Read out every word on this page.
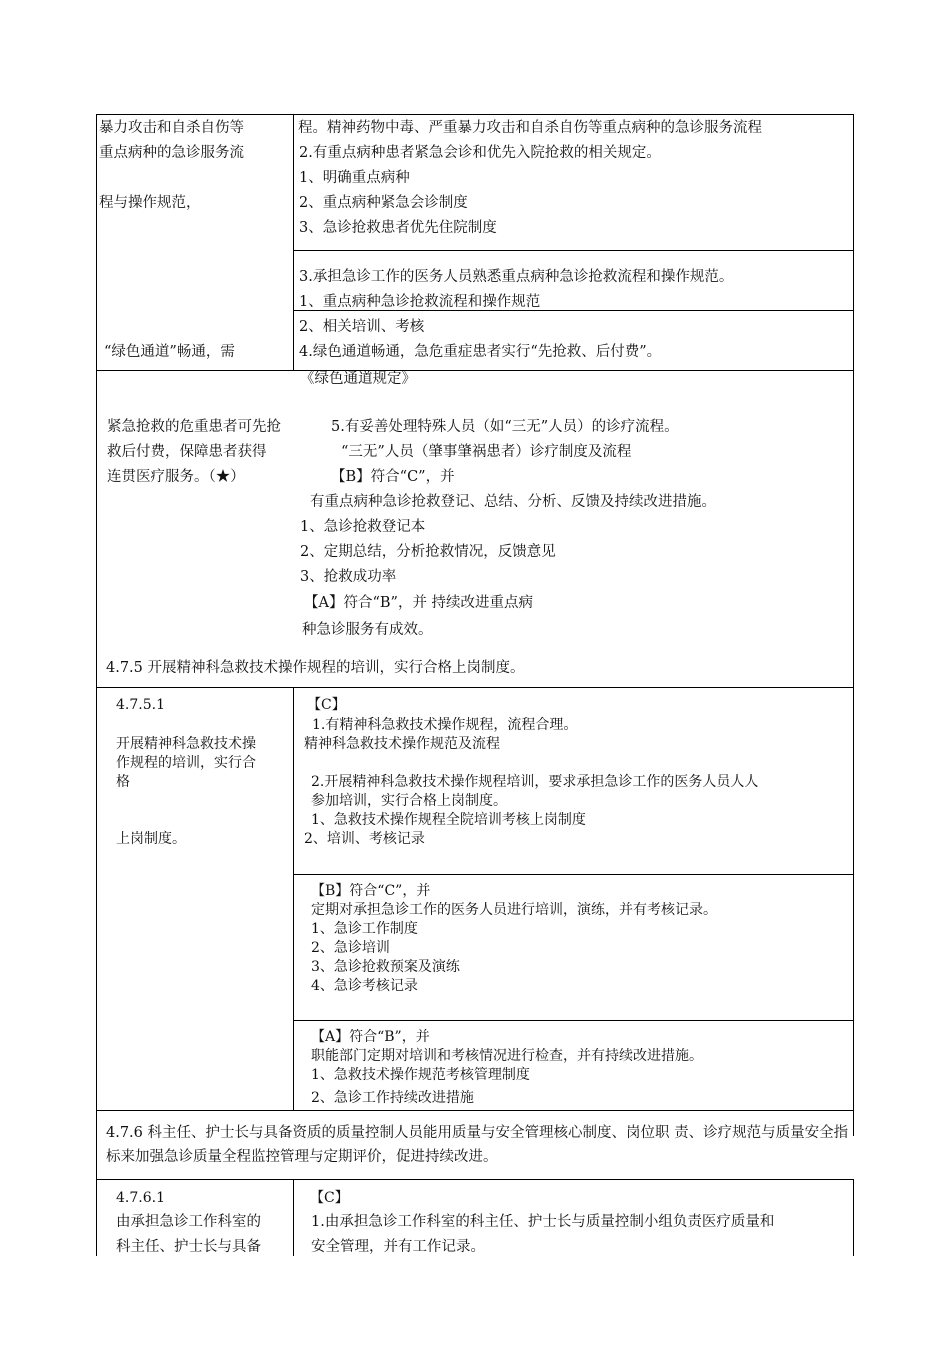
暴力攻击和自杀自伤等
重点病种的急诊服务流
程与操作规范，
“绿色通道”畅通，需
紧急抢救的危重患者可先抢
救后付费，保障患者获得
连贯医疗服务。（★）
程。精神药物中毒、严重暴力攻击和自杀自伤等重点病种的急诊服务流程
2.有重点病种患者紧急会诊和优先入院抢救的相关规定。
1、明确重点病种
2、重点病种紧急会诊制度
3、急诊抢救患者优先住院制度
3.承担急诊工作的医务人员熟悉重点病种急诊抢救流程和操作规范。
1、重点病种急诊抢救流程和操作规范
2、相关培训、考核
4.绿色通道畅通，急危重症患者实行“先抢救、后付费”。
《绿色通道规定》
5.有妥善处理特殊人员（如“三无”人员）的诊疗流程。
“三无”人员（肇事肇祸患者）诊疗制度及流程
【B】符合“C”，并
有重点病种急诊抢救登记、总结、分析、反馈及持续改进措施。
1、急诊抢救登记本
2、定期总结，分析抢救情况，反馈意见
3、抢救成功率
【A】符合“B”，并 持续改进重点病
种急诊服务有成效。
4.7.5 开展精神科急救技术操作规程的培训，实行合格上岗制度。
4.7.5.1
开展精神科急救技术操
作规程的培训，实行合
格
上岗制度。
【C】
1.有精神科急救技术操作规程，流程合理。
精神科急救技术操作规范及流程
2.开展精神科急救技术操作规程培训，要求承担急诊工作的医务人员人人
参加培训，实行合格上岗制度。
1、急救技术操作规程全院培训考核上岗制度
2、培训、考核记录
【B】符合“C”，并
定期对承担急诊工作的医务人员进行培训，演练，并有考核记录。
1、急诊工作制度
2、急诊培训
3、急诊抢救预案及演练
4、急诊考核记录
【A】符合“B”，并
职能部门定期对培训和考核情况进行检查，并有持续改进措施。
1、急救技术操作规范考核管理制度
2、急诊工作持续改进措施
4.7.6 科主任、护士长与具备资质的质量控制人员能用质量与安全管理核心制度、岗位职 责、诊疗规范与质量安全指标来加强急诊质量全程监控管理与定期评价，促进持续改进。
4.7.6.1
由承担急诊工作科室的
科主任、护士长与具备
【C】
1.由承担急诊工作科室的科主任、护士长与质量控制小组负责医疗质量和
安全管理，并有工作记录。
